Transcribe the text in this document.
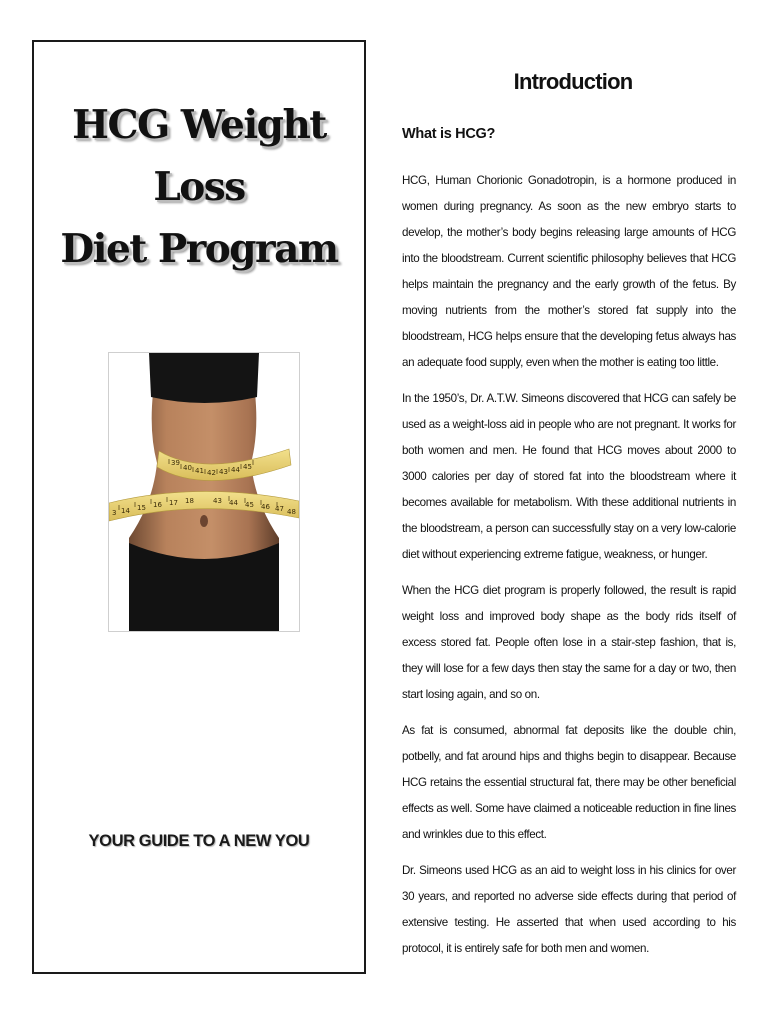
HCG Weight Loss
Diet Program
39
40 41 42 43 44 45
3 14 15 16 17 18	43 44 45 46 47 48
YOUR GUIDE TO A NEW YOU
Introduction
What is HCG?

HCG, Human Chorionic Gonadotropin, is a hormone produced in women during pregnancy. As soon as the new embryo starts to develop, the mother’s body begins releasing large amounts of HCG into the bloodstream. Current scientific philosophy believes that HCG helps maintain the pregnancy and the early growth of the fetus. By moving nutrients from the mother’s stored fat supply into the bloodstream, HCG helps ensure that the developing fetus always has an adequate food supply, even when the mother is eating too little.

In the 1950’s, Dr. A.T.W. Simeons discovered that HCG can safely be used as a weight-loss aid in people who are not pregnant. It works for both women and men. He found that HCG moves about 2000 to 3000 calories per day of stored fat into the bloodstream where it becomes available for metabolism. With these additional nutrients in the bloodstream, a person can successfully stay on a very low-calorie diet without experiencing extreme fatigue, weakness, or hunger.

When the HCG diet program is properly followed, the result is rapid weight loss and improved body shape as the body rids itself of excess stored fat. People often lose in a stair-step fashion, that is, they will lose for a few days then stay the same for a day or two, then start losing again, and so on.

As fat is consumed, abnormal fat deposits like the double chin, potbelly, and fat around hips and thighs begin to disappear. Because HCG retains the essential structural fat, there may be other beneficial effects as well. Some have claimed a noticeable reduction in fine lines and wrinkles due to this effect.

Dr. Simeons used HCG as an aid to weight loss in his clinics for over 30 years, and reported no adverse side effects during that period of extensive testing. He asserted that when used according to his protocol, it is entirely safe for both men and women.
